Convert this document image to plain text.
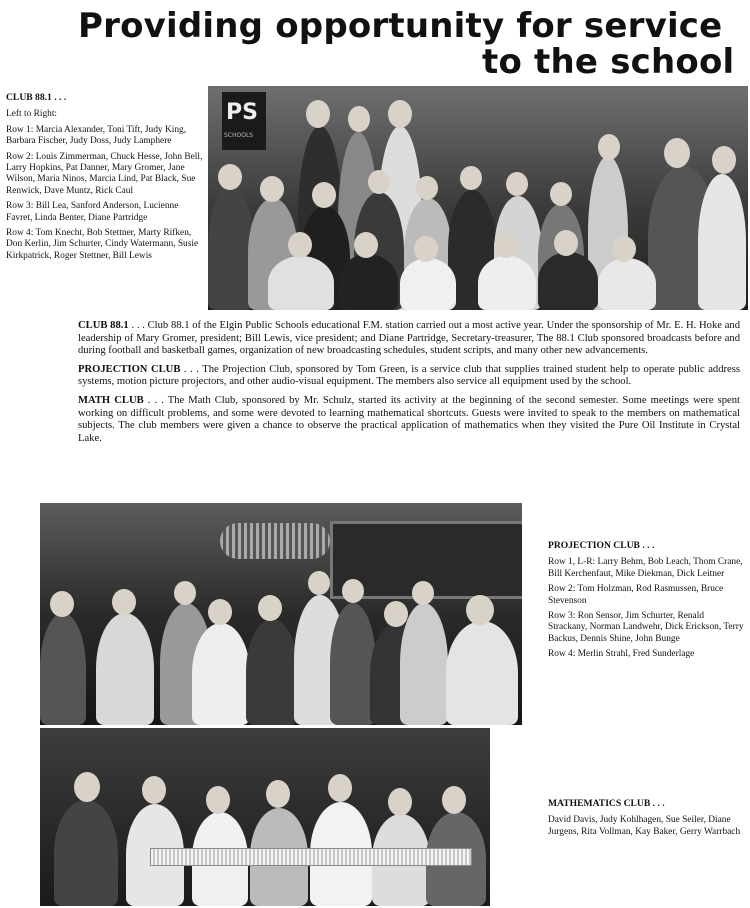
Providing opportunity for service
to the school
CLUB 88.1 . . .
Left to Right:
Row 1: Marcia Alexander, Toni Tift, Judy King, Barbara Fischer, Judy Doss, Judy Lamphere
Row 2: Louis Zimmerman, Chuck Hesse, John Bell, Larry Hopkins, Pat Danner, Mary Gromer, Jane Wilson, Maria Ninos, Marcia Lind, Pat Black, Sue Renwick, Dave Muntz, Rick Caul
Row 3: Bill Lea, Sanford Anderson, Lucienne Favret, Linda Benter, Diane Partridge
Row 4: Tom Knecht, Bob Stettner, Marty Rifken, Don Kerlin, Jim Schurter, Cindy Watermann, Susie Kirkpatrick, Roger Stettner, Bill Lewis
PS
SCHOOLS

CLUB 88.1 . . . Club 88.1 of the Elgin Public Schools educational F.M. station carried out a most active year. Under the sponsorship of Mr. E. H. Hoke and leadership of Mary Gromer, president; Bill Lewis, vice president; and Diane Partridge, Secretary-treasurer, The 88.1 Club sponsored broadcasts before and during football and basketball games, organization of new broadcasting schedules, student scripts, and many other new advancements.

PROJECTION CLUB . . . The Projection Club, sponsored by Tom Green, is a service club that supplies trained student help to operate public address systems, motion picture projectors, and other audio-visual equipment. The members also service all equipment used by the school.

MATH CLUB . . . The Math Club, sponsored by Mr. Schulz, started its activity at the beginning of the second semester. Some meetings were spent working on difficult problems, and some were devoted to learning mathematical shortcuts. Guests were invited to speak to the members on mathematical subjects. The club members were given a chance to observe the practical application of mathematics when they visited the Pure Oil Institute in Crystal Lake.

PROJECTION CLUB . . .
Row 1, L-R: Larry Behm, Bob Leach, Thom Crane, Bill Kerchenfaut, Mike Diekman, Dick Leitner
Row 2: Tom Holzman, Rod Rasmussen, Bruce Stevenson
Row 3: Ron Sensor, Jim Schurter, Renald Strackany, Norman Landwehr, Dick Erickson, Terry Backus, Dennis Shine, John Bunge
Row 4: Merlin Strahl, Fred Sunderlage
MATHEMATICS CLUB . . .
David Davis, Judy Kohlhagen, Sue Seiler, Diane Jurgens, Rita Vollman, Kay Baker, Gerry Warrbach
